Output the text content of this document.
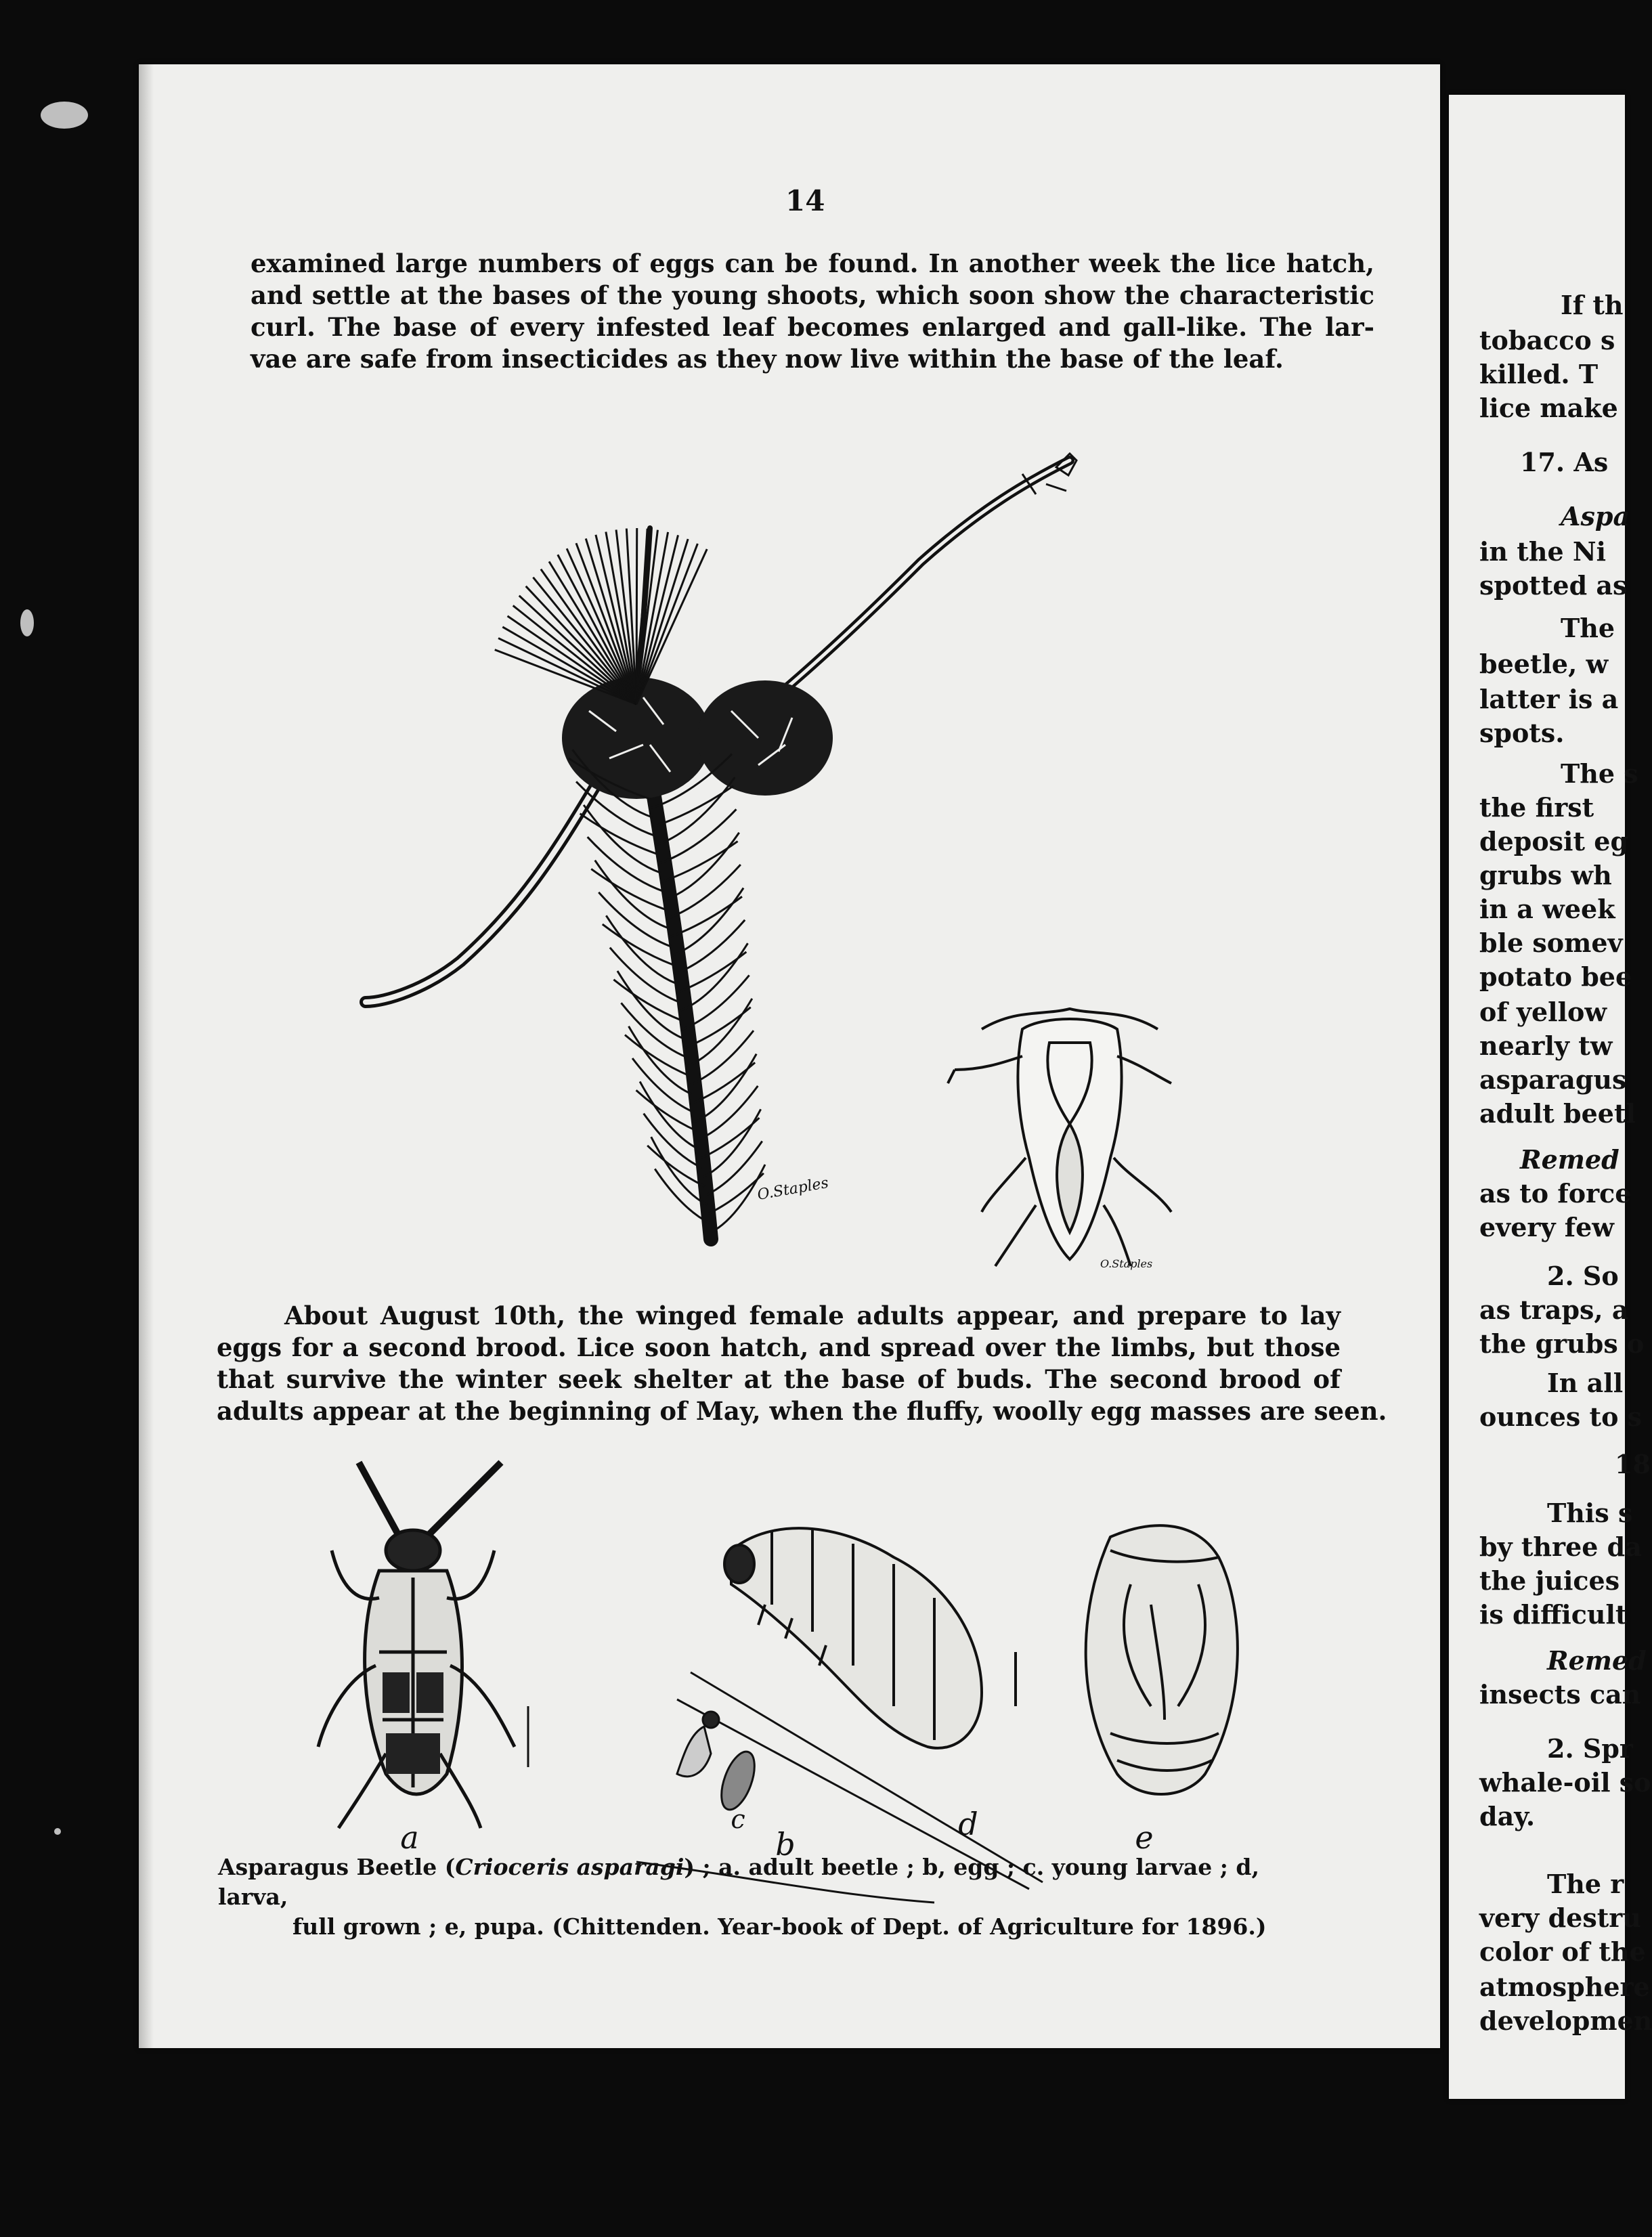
14
examined large numbers of eggs can be found. In another week the lice hatch,
and settle at the bases of the young shoots, which soon show the characteristic
curl. The base of every infested leaf becomes enlarged and gall-like. The lar-
vae are safe from insecticides as they now live within the base of the leaf.
O.Staples
O.Staples
About August 10th, the winged female adults appear, and prepare to lay
eggs for a second brood. Lice soon hatch, and spread over the limbs, but those
that survive the winter seek shelter at the base of buds. The second brood of
adults appear at the beginning of May, when the fluffy, woolly egg masses are seen.
a	b
c	d	e
Asparagus Beetle (Crioceris asparagi) ; a. adult beetle ; b, egg ; c. young larvae ; d, larva,
full grown ; e, pupa. (Chittenden. Year-book of Dept. of Agriculture for 1896.)
If th
tobacco s
killed. T
lice make
17. As
Aspa
in the Ni
spotted as
The
beetle, w
latter is a
spots.
The s
the first
deposit eg
grubs wh
in a week
ble somev
potato bee
of yellow
nearly tw
asparagus
adult beetl
Remed
as to force
every few
2. So
as traps, a
the grubs o
In all
ounces to s
18
This s
by three da
the juices
is difficult
Remed
insects can
2. Spr
whale-oil so
day.
The r
very destru
color of the
atmosphere
developmen
